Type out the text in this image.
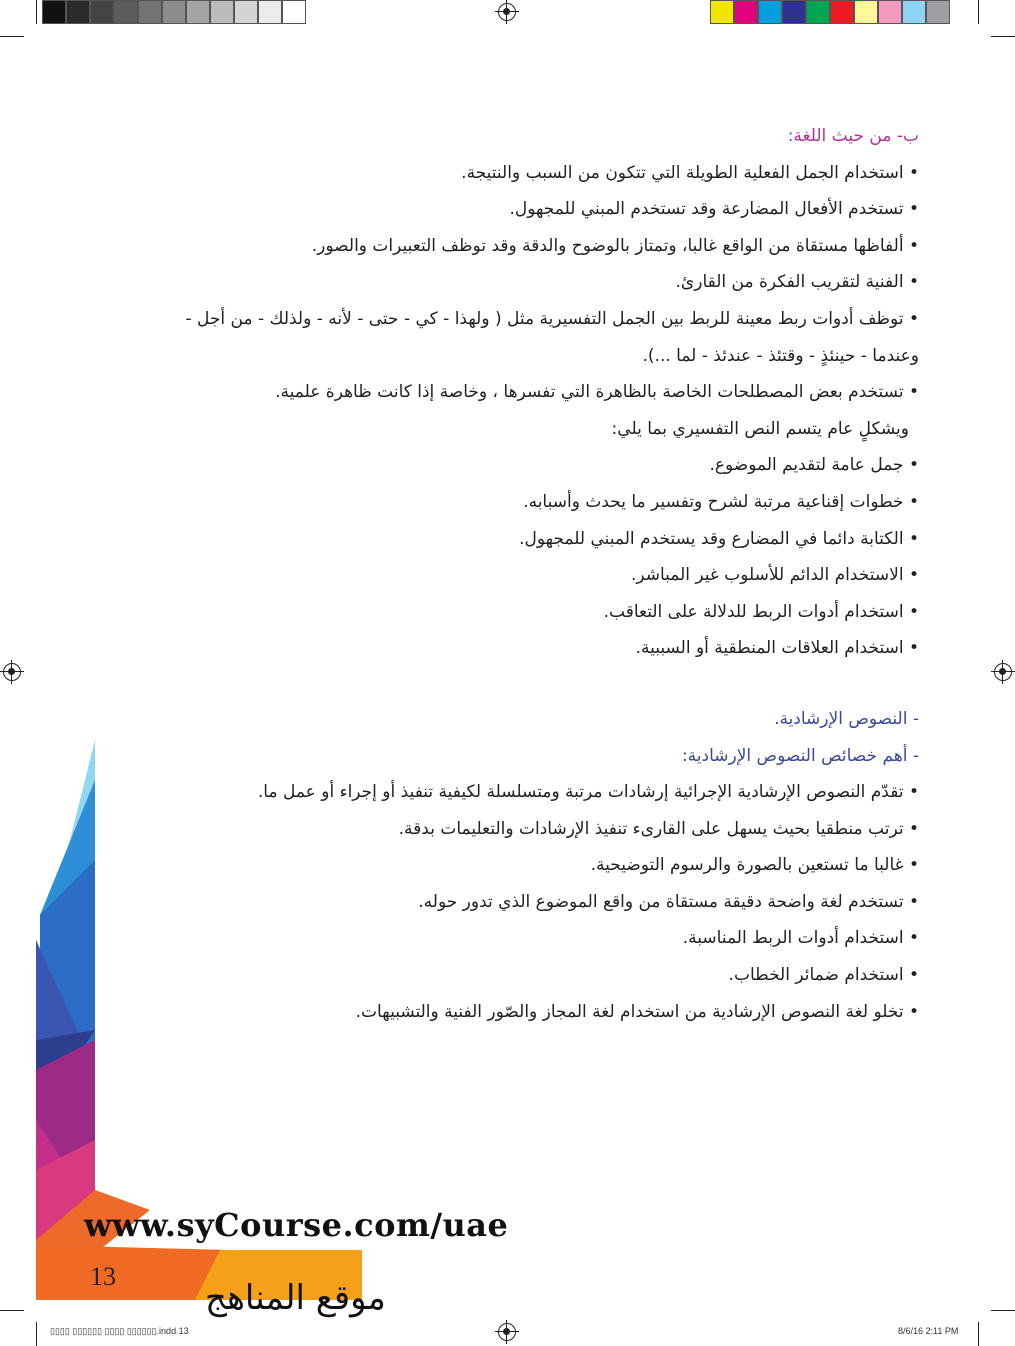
ب- من حيث اللغة:
• استخدام الجمل الفعلية الطويلة التي تتكون من السبب والنتيجة.
• تستخدم الأفعال المضارعة وقد تستخدم المبني للمجهول.
• ألفاظها مستقاة من الواقع غالبا، وتمتاز بالوضوح والدقة وقد توظف التعبيرات والصور.
• الفنية لتقريب الفكرة من القارئ.
• توظف أدوات ربط معينة للربط بين الجمل التفسيرية مثل ( ولهذا - كي - حتى - لأنه - ولذلك - من أجل -
وعندما - حينئذٍ - وقتئذ - عندئذ - لما ...).
• تستخدم بعض المصطلحات الخاصة بالظاهرة التي تفسرها ، وخاصة إذا كانت ظاهرة علمية.
ويشكلٍ عام يتسم النص التفسيري بما يلي:
• جمل عامة لتقديم الموضوع.
• خطوات إقناعية مرتبة لشرح وتفسير ما يحدث وأسبابه.
• الكتابة دائما في المضارع وقد يستخدم المبني للمجهول.
• الاستخدام الدائم للأسلوب غير المباشر.
• استخدام أدوات الربط للدلالة على التعاقب.
• استخدام العلاقات المنطقية أو السببية.
- النصوص الإرشادية.
- أهم خصائص النصوص الإرشادية:
• تقدّم النصوص الإرشادية الإجرائية إرشادات مرتبة ومتسلسلة لكيفية تنفيذ أو إجراء أو عمل ما.
• ترتب منطقيا بحيث يسهل على القارىء تنفيذ الإرشادات والتعليمات بدقة.
• غالبا ما تستعين بالصورة والرسوم التوضيحية.
• تستخدم لغة واضحة دقيقة مستقاة من واقع الموضوع الذي تدور حوله.
• استخدام أدوات الربط المناسبة.
• استخدام ضمائر الخطاب.
• تخلو لغة النصوص الإرشادية من استخدام لغة المجاز والصّور الفنية والتشبيهات.
www.syCourse.com/uae
13
موقع المناهج
▯▯▯▯ ▯▯▯▯▯▯ ▯▯▯▯ ▯▯▯▯▯▯.indd 13	8/6/16 2:11 PM
